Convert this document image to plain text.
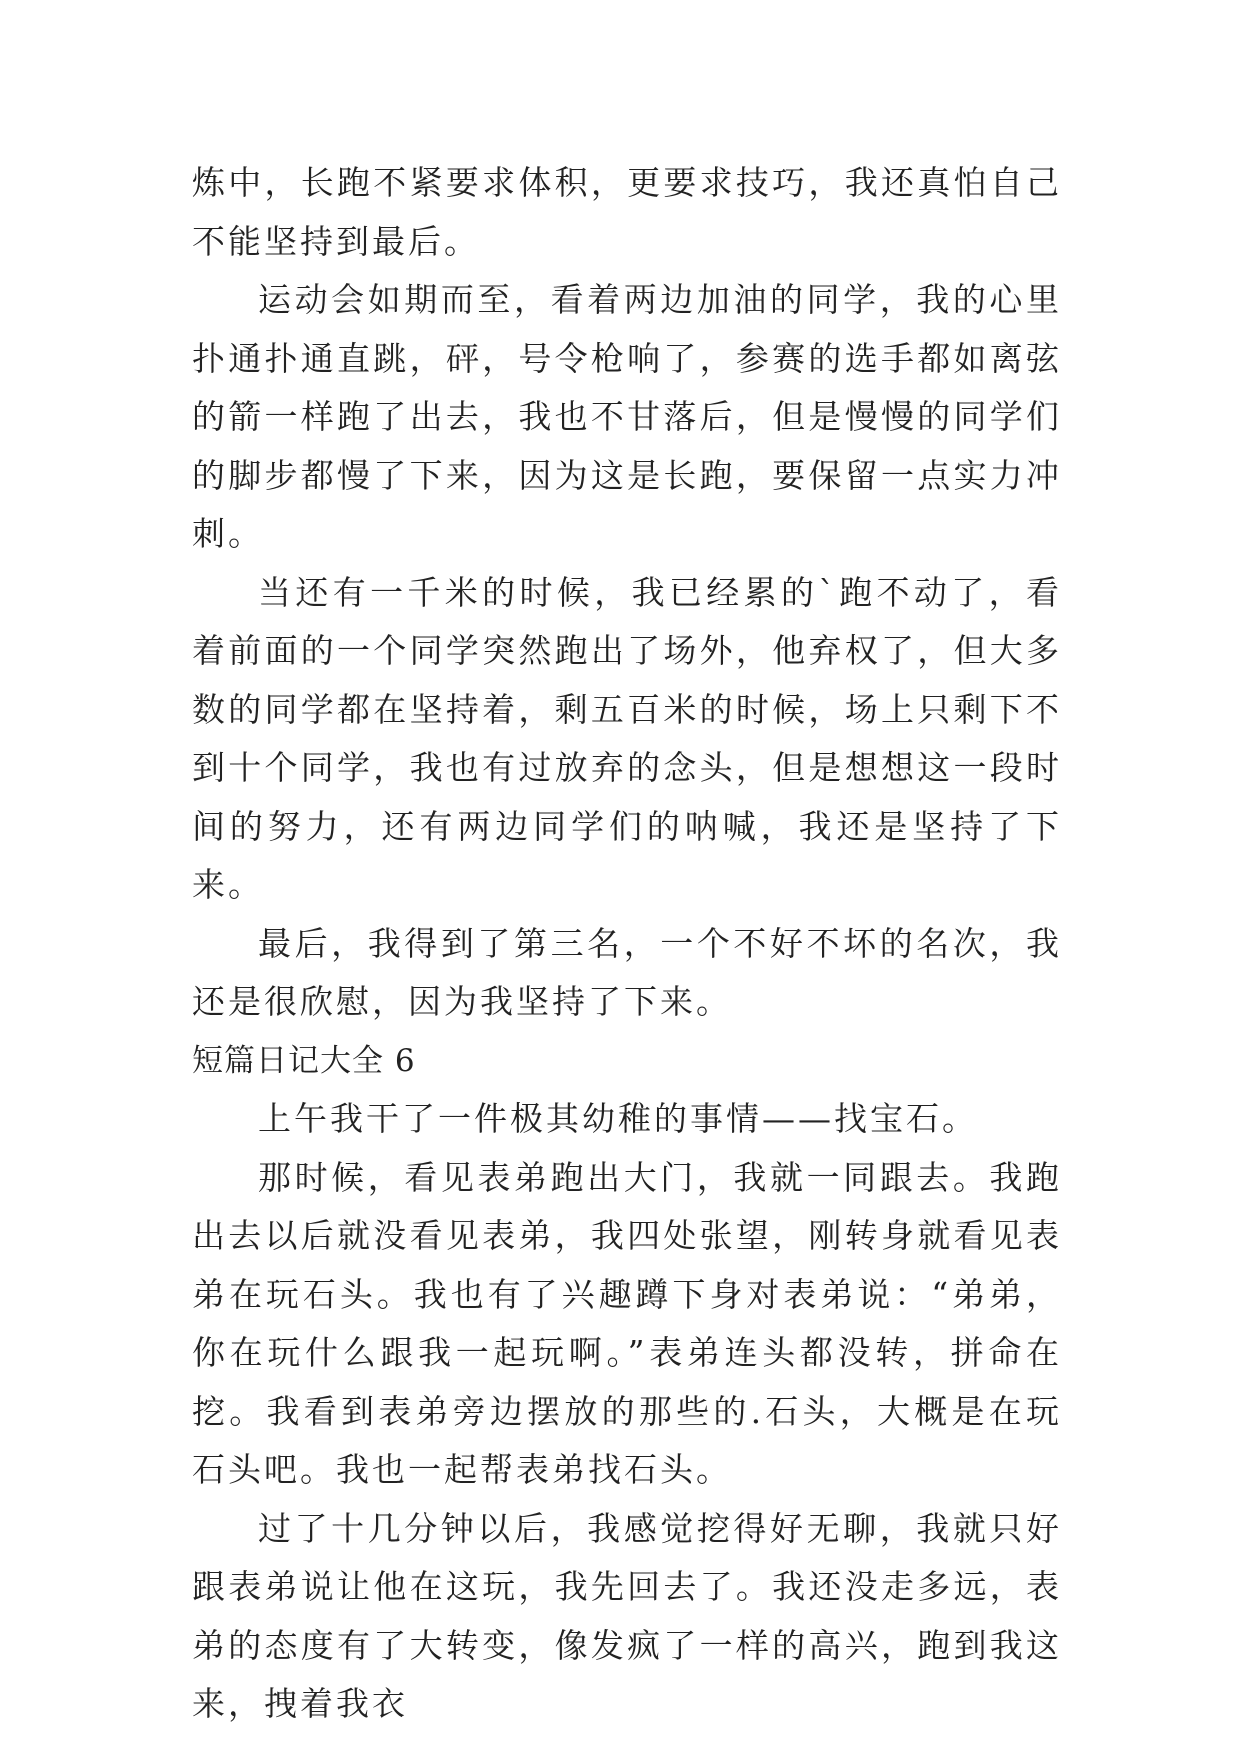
炼中，长跑不紧要求体积，更要求技巧，我还真怕自己不能坚持到最后。

运动会如期而至，看着两边加油的同学，我的心里扑通扑通直跳，砰，号令枪响了，参赛的选手都如离弦的箭一样跑了出去，我也不甘落后，但是慢慢的同学们的脚步都慢了下来，因为这是长跑，要保留一点实力冲刺。

当还有一千米的时候，我已经累的`跑不动了，看着前面的一个同学突然跑出了场外，他弃权了，但大多数的同学都在坚持着，剩五百米的时候，场上只剩下不到十个同学，我也有过放弃的念头，但是想想这一段时间的努力，还有两边同学们的呐喊，我还是坚持了下来。

最后，我得到了第三名，一个不好不坏的名次，我还是很欣慰，因为我坚持了下来。

短篇日记大全 6

上午我干了一件极其幼稚的事情——找宝石。

那时候，看见表弟跑出大门，我就一同跟去。我跑出去以后就没看见表弟，我四处张望，刚转身就看见表弟在玩石头。我也有了兴趣蹲下身对表弟说：“弟弟，你在玩什么跟我一起玩啊。”表弟连头都没转，拼命在挖。我看到表弟旁边摆放的那些的.石头，大概是在玩石头吧。我也一起帮表弟找石头。

过了十几分钟以后，我感觉挖得好无聊，我就只好跟表弟说让他在这玩，我先回去了。我还没走多远，表弟的态度有了大转变，像发疯了一样的高兴，跑到我这来，拽着我衣
